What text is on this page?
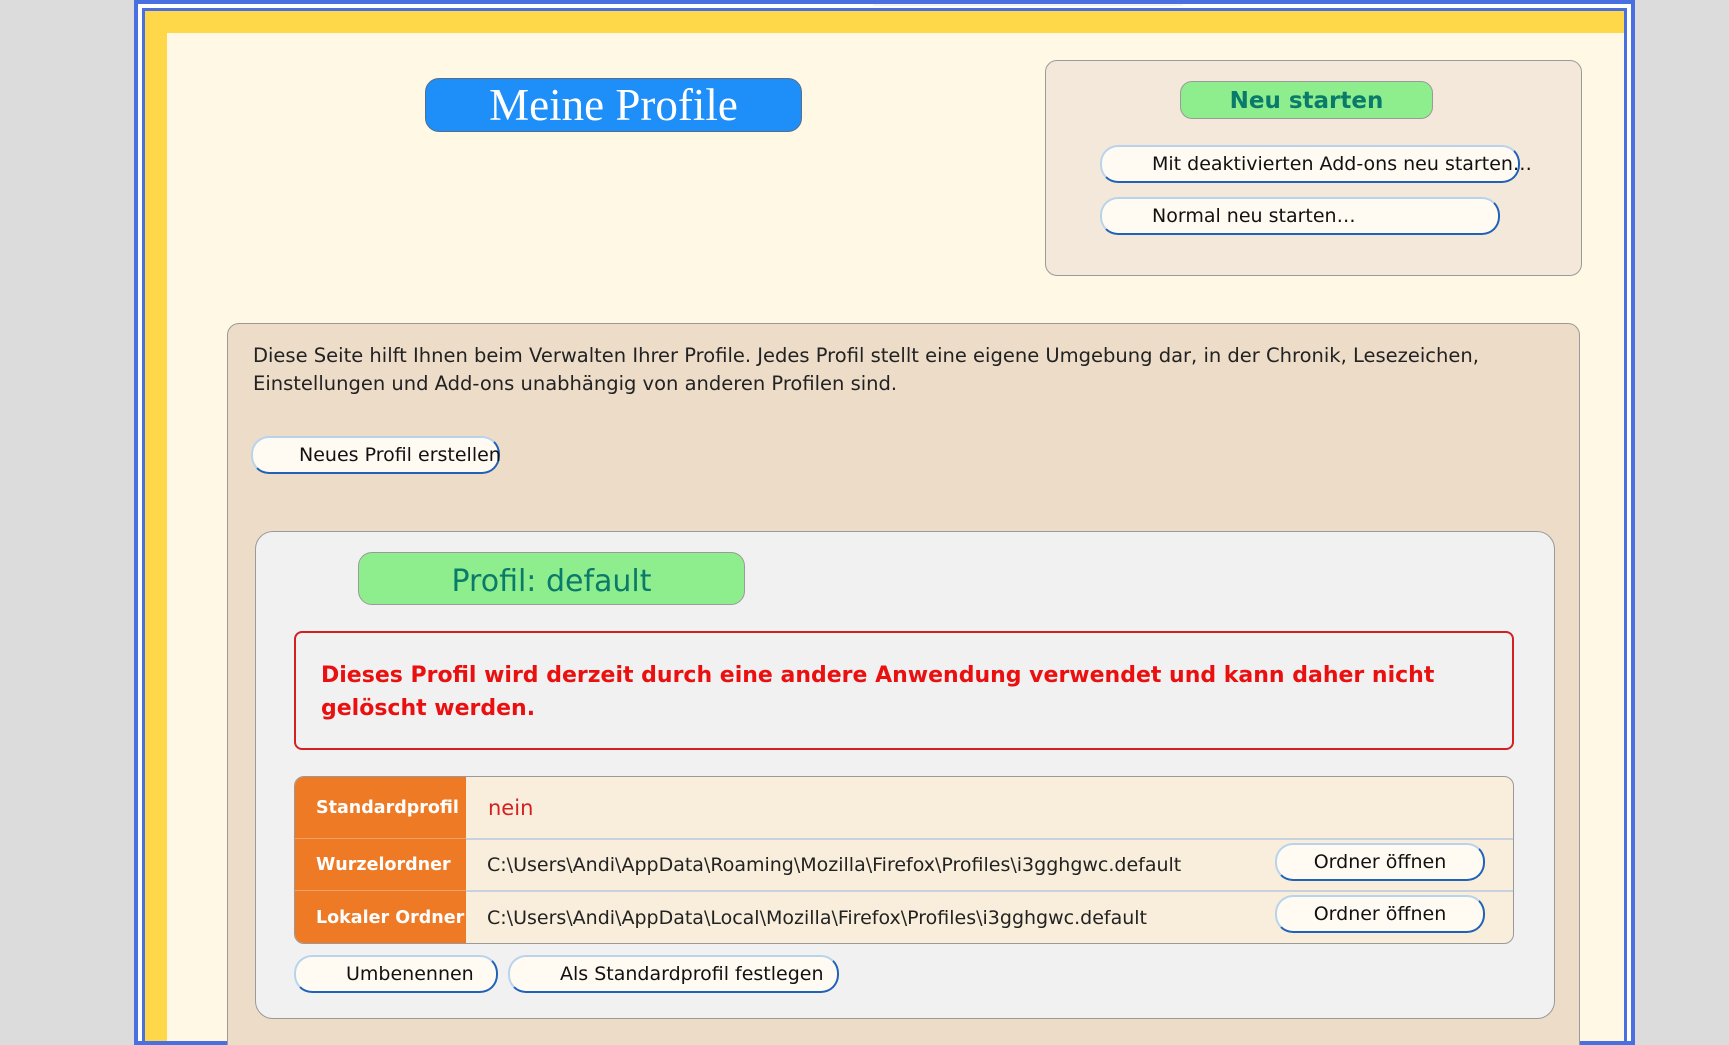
Meine Profile	Neu starten
Mit deaktivierten Add-ons neu starten…
Normal neu starten…
Diese Seite hilft Ihnen beim Verwalten Ihrer Profile. Jedes Profil stellt eine eigene Umgebung dar, in der Chronik, Lesezeichen, Einstellungen und Add-ons unabhängig von anderen Profilen sind.
Neues Profil erstellen
Profil: default
Dieses Profil wird derzeit durch eine andere Anwendung verwendet und kann daher nicht gelöscht werden.
Standardprofil	nein
Wurzelordner	C:\Users\Andi\AppData\Roaming\Mozilla\Firefox\Profiles\i3gghgwc.default	Ordner öffnen
Lokaler Ordner C:\Users\Andi\AppData\Local\Mozilla\Firefox\Profiles\i3gghgwc.default	Ordner öffnen
Umbenennen	Als Standardprofil festlegen
